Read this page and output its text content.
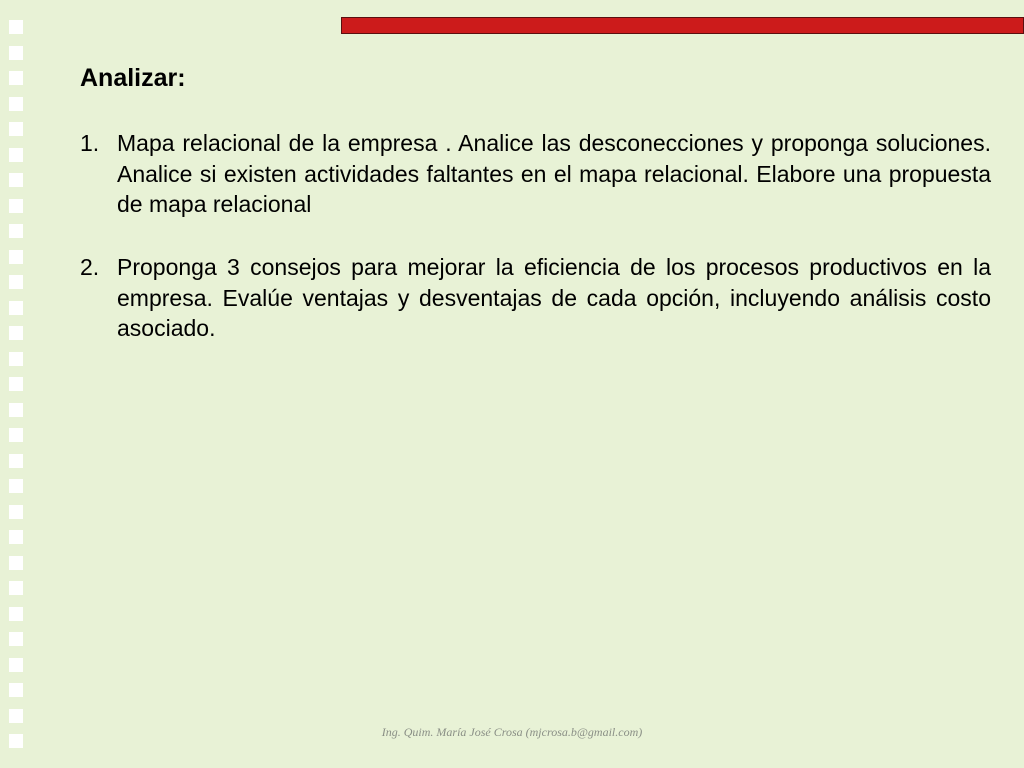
Analizar:
1. Mapa relacional de la empresa . Analice las desconecciones y proponga soluciones. Analice si existen actividades faltantes en el mapa relacional. Elabore una propuesta de mapa relacional
2. Proponga 3 consejos para mejorar la eficiencia de los procesos productivos en la empresa. Evalúe ventajas y desventajas de cada opción, incluyendo análisis costo asociado.
Ing. Quim. María José Crosa (mjcrosa.b@gmail.com)
